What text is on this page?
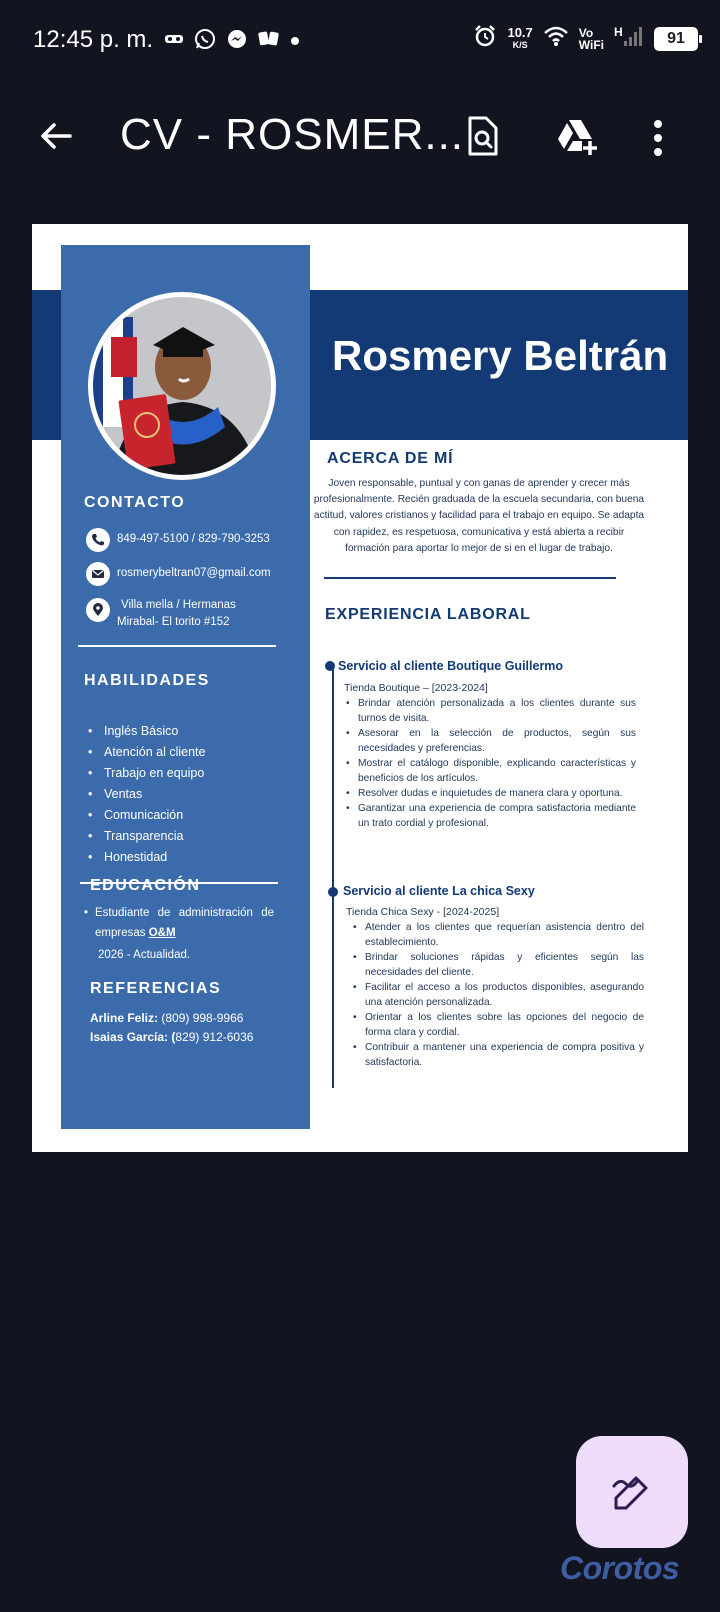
12:45 p. m.	10.7
K/S
Vo
WiFi
H	91
CV - ROSMER...
Rosmery Beltrán
CONTACTO
849-497-5100 / 829-790-3253
rosmerybeltran07@gmail.com
Villa mella / Hermanas
Mirabal- El torito #152
HABILIDADES
• Inglés Básico
• Atención al cliente
• Trabajo en equipo
• Ventas
• Comunicación
• Transparencia
• Honestidad
EDUCACIÓN
• Estudiante de administración de empresas O&M
2026 - Actualidad.
REFERENCIAS
Arline Feliz: (809) 998-9966
Isaias García: (829) 912-6036
ACERCA DE MÍ
Joven responsable, puntual y con ganas de aprender y crecer más profesionalmente. Recién graduada de la escuela secundaria, con buena actitud, valores cristianos y facilidad para el trabajo en equipo. Se adapta con rapidez, es respetuosa, comunicativa y está abierta a recibir formación para aportar lo mejor de si en el lugar de trabajo.
EXPERIENCIA LABORAL
Servicio al cliente Boutique Guillermo
Tienda Boutique – [2023-2024]
• Brindar atención personalizada a los clientes durante sus turnos de visita.
• Asesorar en la selección de productos, según sus necesidades y preferencias.
• Mostrar el catálogo disponible, explicando características y beneficios de los artículos.
• Resolver dudas e inquietudes de manera clara y oportuna.
• Garantizar una experiencia de compra satisfactoria mediante un trato cordial y profesional.
Servicio al cliente La chica Sexy
Tienda Chica Sexy - [2024-2025]
• Atender a los clientes que requerían asistencia dentro del establecimiento.
• Brindar soluciones rápidas y eficientes según las necesidades del cliente.
• Facilitar el acceso a los productos disponibles, asegurando una atención personalizada.
• Orientar a los clientes sobre las opciones del negocio de forma clara y cordial.
• Contribuir a mantener una experiencia de compra positiva y satisfactoria.
Corotos
